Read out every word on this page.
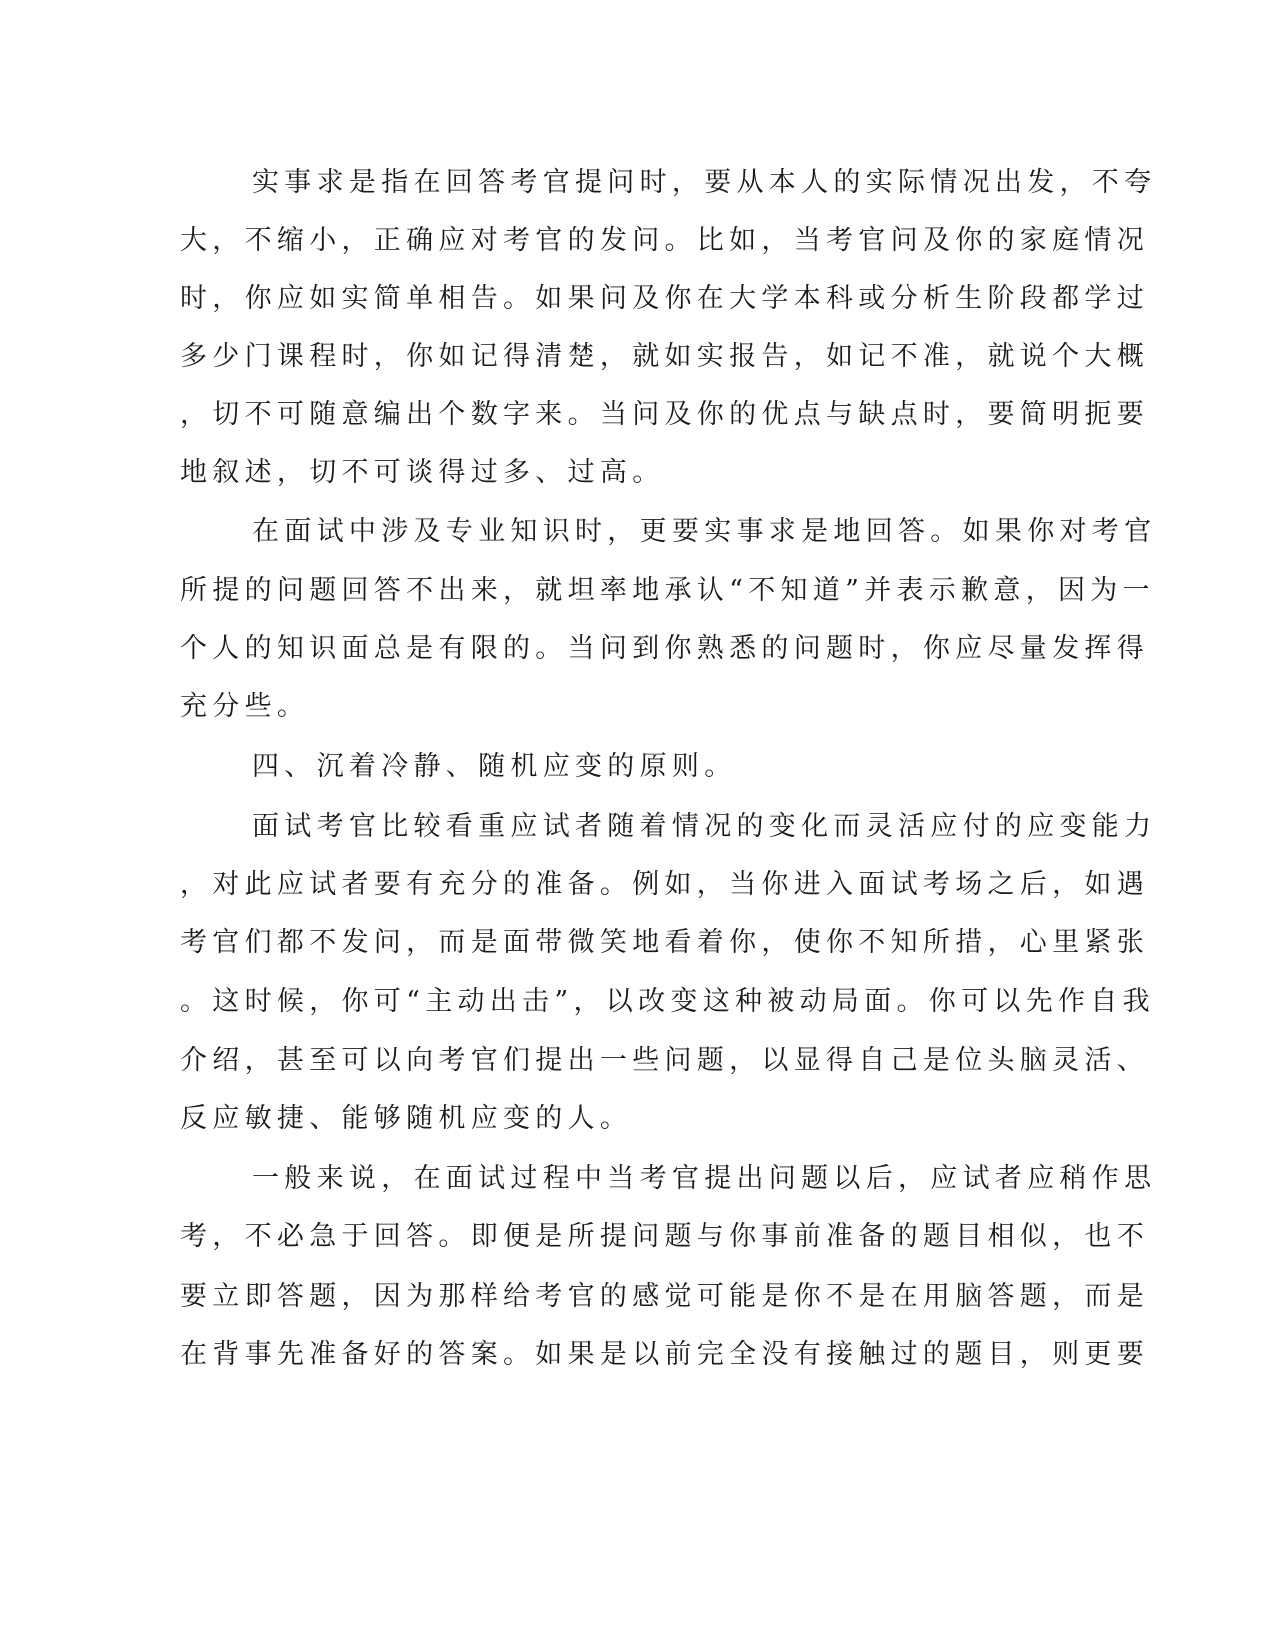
实事求是指在回答考官提问时，要从本人的实际情况出发，不夸
大，不缩小，正确应对考官的发问。比如，当考官问及你的家庭情况
时，你应如实简单相告。如果问及你在大学本科或分析生阶段都学过
多少门课程时，你如记得清楚，就如实报告，如记不准，就说个大概
，切不可随意编出个数字来。当问及你的优点与缺点时，要简明扼要
地叙述，切不可谈得过多、过高。
在面试中涉及专业知识时，更要实事求是地回答。如果你对考官
所提的问题回答不出来，就坦率地承认“不知道”并表示歉意，因为一
个人的知识面总是有限的。当问到你熟悉的问题时，你应尽量发挥得
充分些。
四、沉着冷静、随机应变的原则。
面试考官比较看重应试者随着情况的变化而灵活应付的应变能力
，对此应试者要有充分的准备。例如，当你进入面试考场之后，如遇
考官们都不发问，而是面带微笑地看着你，使你不知所措，心里紧张
。这时候，你可“主动出击”，以改变这种被动局面。你可以先作自我
介绍，甚至可以向考官们提出一些问题，以显得自己是位头脑灵活、
反应敏捷、能够随机应变的人。
一般来说，在面试过程中当考官提出问题以后，应试者应稍作思
考，不必急于回答。即便是所提问题与你事前准备的题目相似，也不
要立即答题，因为那样给考官的感觉可能是你不是在用脑答题，而是
在背事先准备好的答案。如果是以前完全没有接触过的题目，则更要
